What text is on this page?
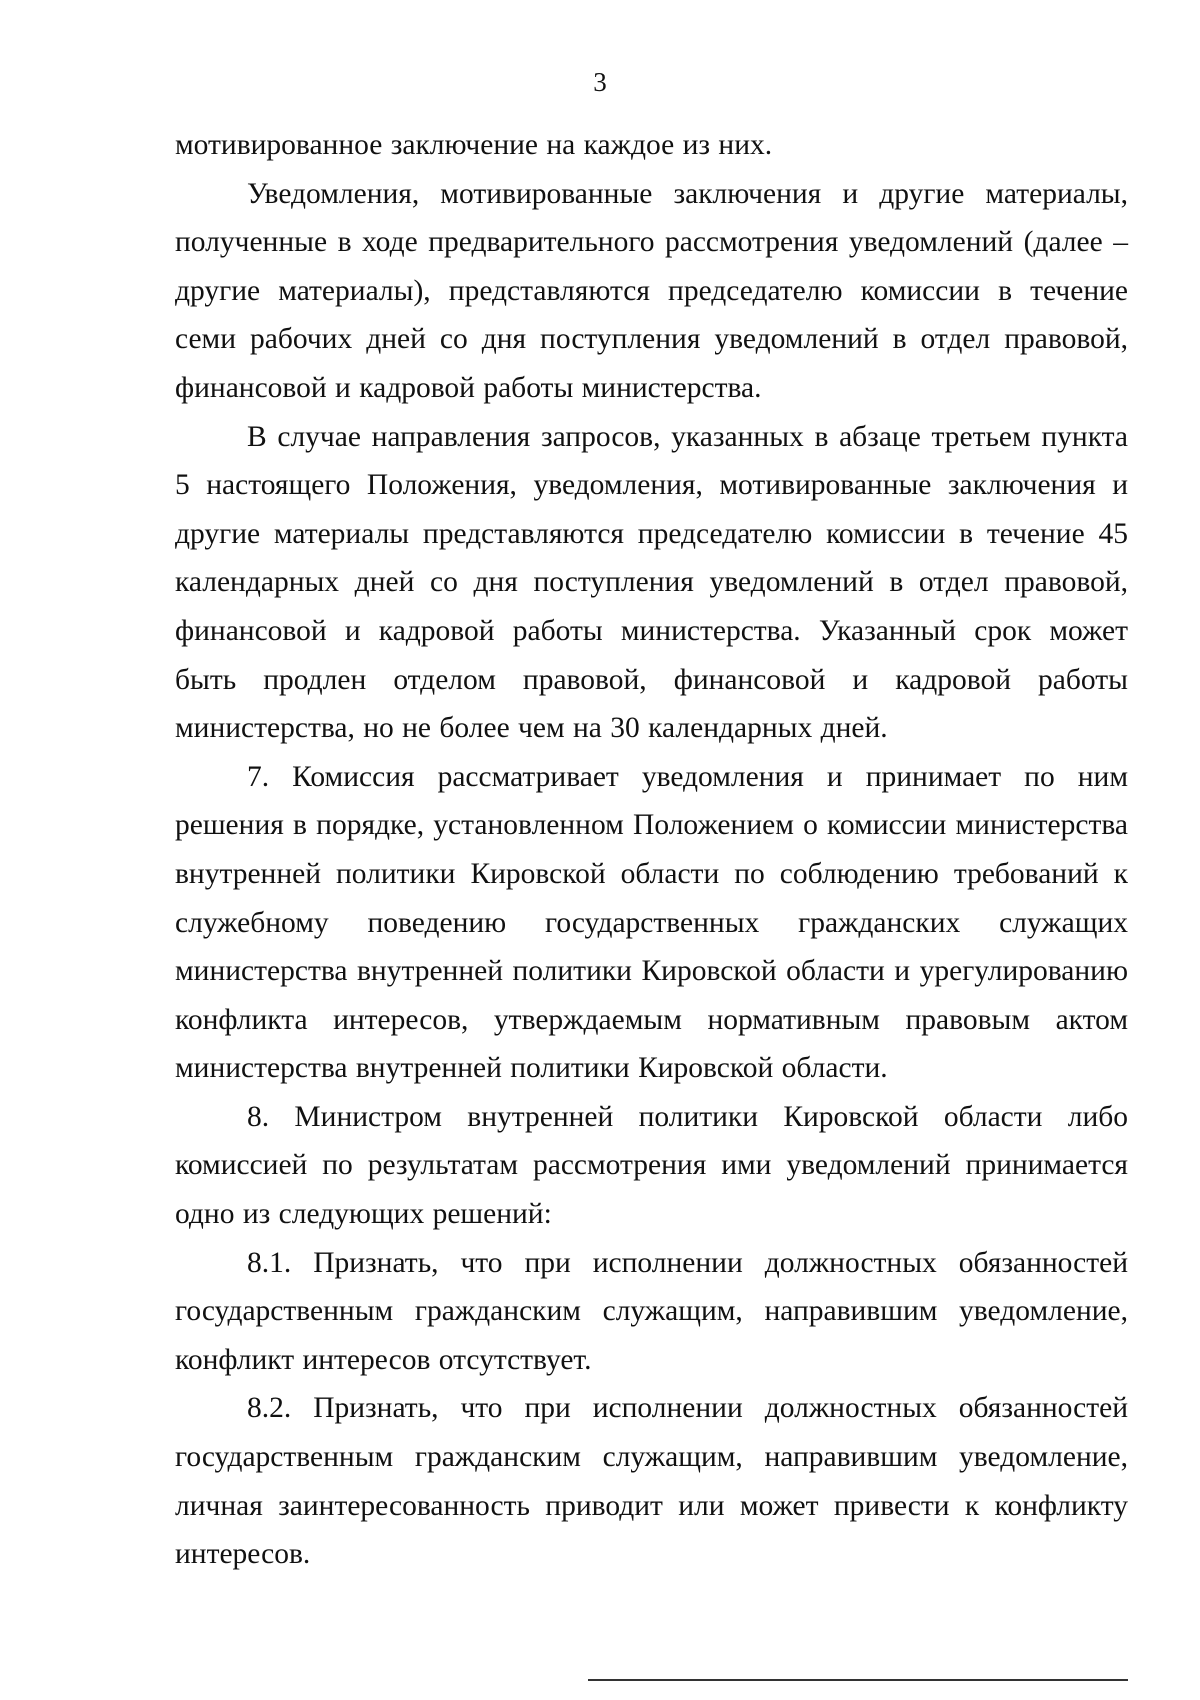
3

мотивированное заключение на каждое из них.

Уведомления, мотивированные заключения и другие материалы, полученные в ходе предварительного рассмотрения уведомлений (далее – другие материалы), представляются председателю комиссии в течение семи рабочих дней со дня поступления уведомлений в отдел правовой, финансовой и кадровой работы министерства.

В случае направления запросов, указанных в абзаце третьем пункта 5 настоящего Положения, уведомления, мотивированные заключения и другие материалы представляются председателю комиссии в течение 45 календарных дней со дня поступления уведомлений в отдел правовой, финансовой и кадровой работы министерства. Указанный срок может быть продлен отделом правовой, финансовой и кадровой работы министерства, но не более чем на 30 календарных дней.

7. Комиссия рассматривает уведомления и принимает по ним решения в порядке, установленном Положением о комиссии министерства внутренней политики Кировской области по соблюдению требований к служебному поведению государственных гражданских служащих министерства внутренней политики Кировской области и урегулированию конфликта интересов, утверждаемым нормативным правовым актом министерства внутренней политики Кировской области.

8. Министром внутренней политики Кировской области либо комиссией по результатам рассмотрения ими уведомлений принимается одно из следующих решений:

8.1. Признать, что при исполнении должностных обязанностей государственным гражданским служащим, направившим уведомление, конфликт интересов отсутствует.

8.2. Признать, что при исполнении должностных обязанностей государственным гражданским служащим, направившим уведомление, личная заинтересованность приводит или может привести к конфликту интересов.
